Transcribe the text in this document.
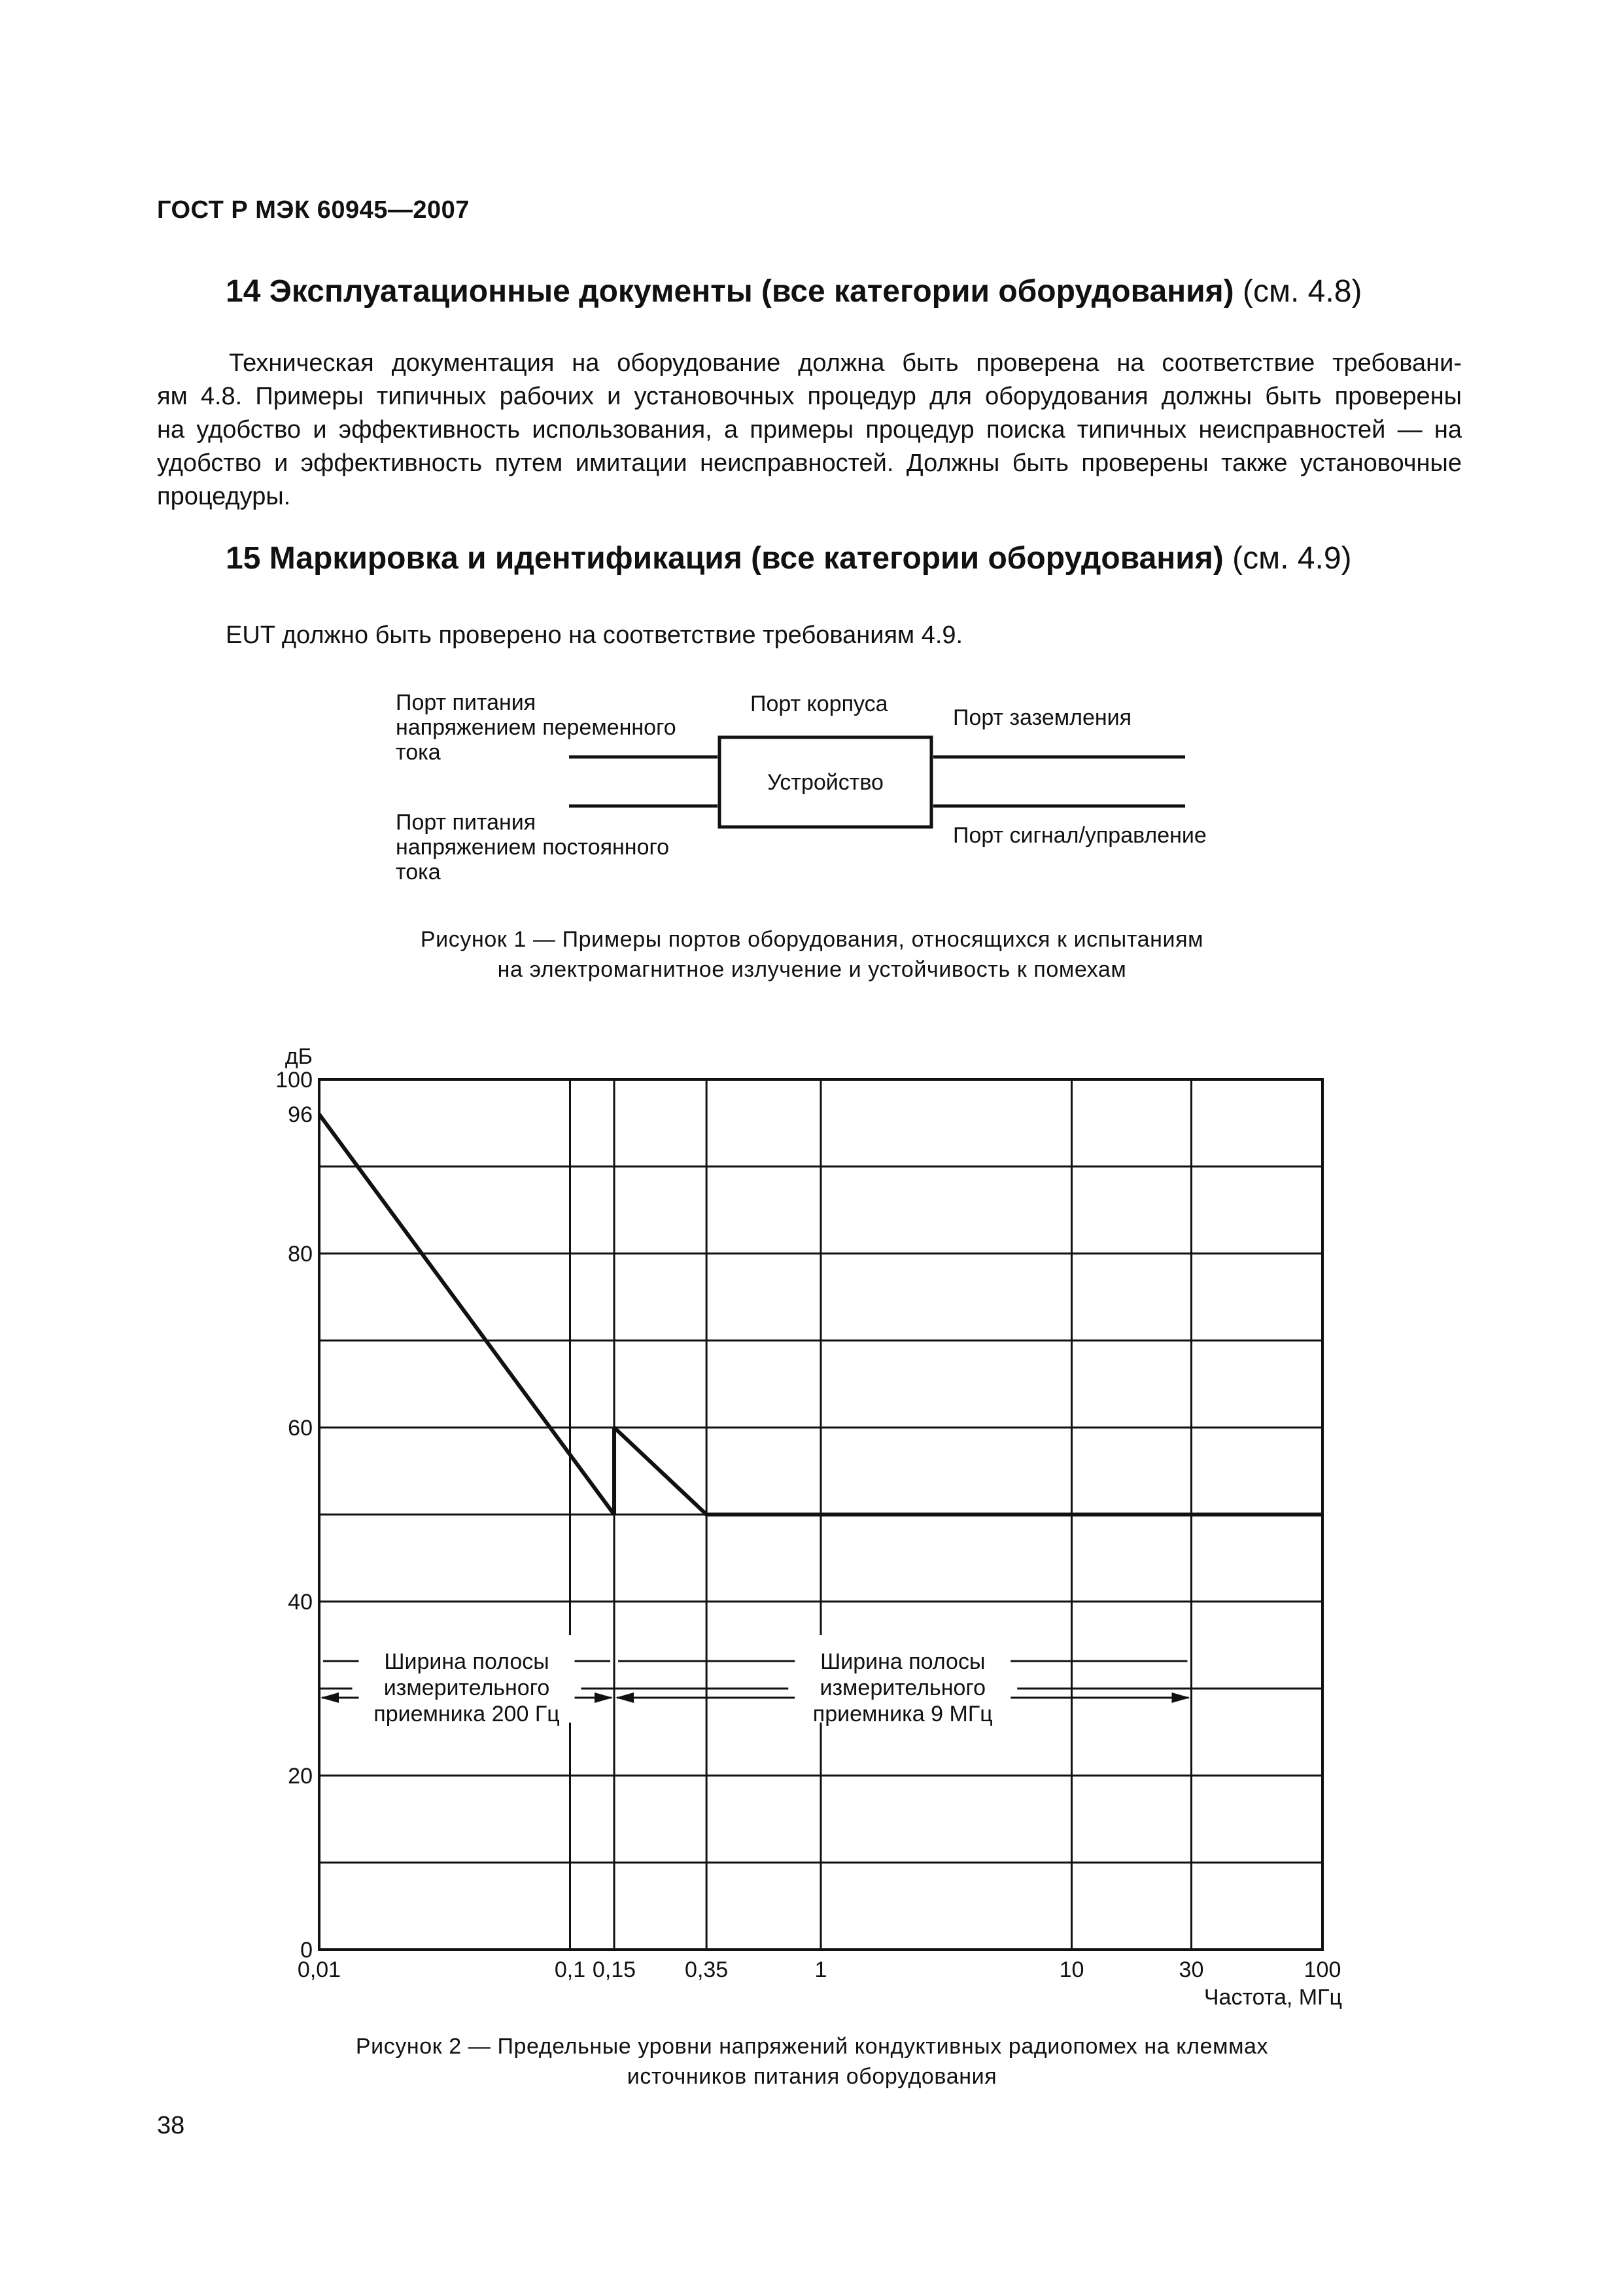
ГОСТ Р МЭК 60945—2007
14 Эксплуатационные документы (все категории оборудования) (см. 4.8)
Техническая документация на оборудование должна быть проверена на соответствие требовани-
ям 4.8. Примеры типичных рабочих и установочных процедур для оборудования должны быть проверены
на удобство и эффективность использования, а примеры процедур поиска типичных неисправностей — на
удобство и эффективность путем имитации неисправностей. Должны быть проверены также установочные
процедуры.
15 Маркировка и идентификация (все категории оборудования) (см. 4.9)
EUT должно быть проверено на соответствие требованиям 4.9.
Порт питания
напряжением переменного
тока
Порт питания
напряжением постоянного
тока
Порт корпуса
Порт заземления
Порт сигнал/управление
Устройство
Рисунок 1 — Примеры портов оборудования, относящихся к испытаниям
на электромагнитное излучение и устойчивость к помехам
Ширина полосы
измерительного
приемника 200 Гц
Ширина полосы
измерительного
приемника 9 МГц
0
20
40
60
80
96
100
дБ
0,01	0,1 0,15 0,35	1	10	30	100
Частота, МГц
Рисунок 2 — Предельные уровни напряжений кондуктивных радиопомех на клеммах
источников питания оборудования
38
